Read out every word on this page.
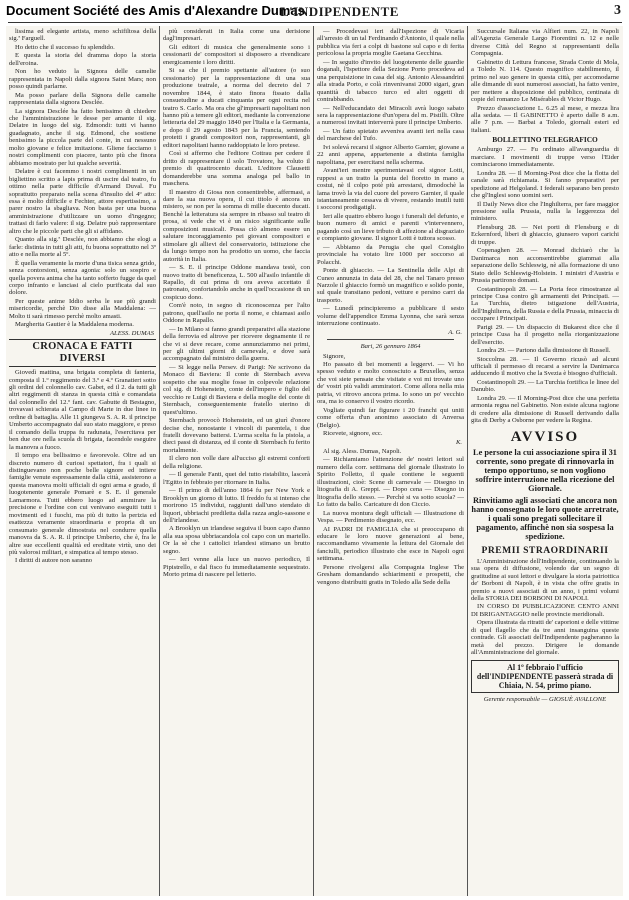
Document Société des Amis d'Alexandre Dumas
L'INDIPENDENTE	3

lissima ed elegante artista, meno schifiltosa della sig.ª Farguell.

Ho detto che il successo fu splendido.

E questa la storia del dramma dopo la storia dell'eroina.

Non ho veduto la Signora delle camelie rappresentata in Napoli dalla signora Saint Mars; non posso quindi parlarne.

Ma posso parlare della Signora delle camelie rappresentata dalla signora Desclée.

La signora Desclée ha fatto benissimo di chiedere che l'amministrazione le desse per amante il sig. Delatre in luogo del sig. Edmondi: tutti vi hanno guadagnato, anche il sig. Edmond, che sostiene benissimo la piccola parte del conte, in cui nessuno molto giovane e felice imitazione. Gliene facciamo i nostri complimenti con piacere, tanto più che finora abbiamo mostrato per lui qualche severità.

Delatre è cui facemmo i nostri complimenti in un bigliettino scritto a lapis prima di uscire dal teatro, fu ottimo nella parte difficile d'Armand Duval. Fu soprattutto preparato nella scena d'insulto del 4º atto: essa è molto difficile e Fechter, attore espertissimo, a parer nostro la sbagliava. Non basta per una buona amministrazione d'utilizzare un uomo d'ingegno; trattasi di farlo valere: il sig. Delatre può rappresentare altro che le piccole parti che gli si affidano.

Quanto alla sig.ª Desclée, non abbiamo che elogi a farle: distinta in tutti gli atti, fu buona soprattutto nel 3º atto e nella morte al 5º.

È quella veramente la morte d'una tisica senza grido, senza contorsioni, senza agonia: solo un sospiro e quella povera anima che ha tanto sofferto fugge da quel corpo infranto e lanciasi al cielo purificata dal suo dolore.

Per queste anime Iddio serba le sue più grandi misericordie, perchè Dio disse alla Maddalena: — Molto ti sarà rimesso perchè molto amasti.

Margherita Gautier è la Maddalena moderna.

ALESS. DUMAS
CRONACA E FATTI DIVERSI

Giovedì mattina, una brigata completa di fanteria, composta il 1.º reggimento del 3.º e 4.º Granatieri sotto gli ordini del colonnello cav. Gabet, ed il 2. da tutti gli altri reggimenti di stanza in questa città e comandata dal colonnello del 12.º fant. cav. Gabutte di Bestagno, trovavasi schierata al Campo di Marte in due linee in ordine di battaglia. Alle 11 giungeva S. A. R. il principe Umberto accompagnato dal suo stato maggiore, e preso il comando della truppa fu radunata, l'esercitava per ben due ore nella scuola di brigata, facendole eseguire la manovra a fuoco.

Il tempo era bellissimo e favorevole. Oltre ad un discreto numero di curiosi spettatori, fra i quali si distinguevano non poche belle signore ed intiere famiglie venute espressamente dalla città, assisterono a questa manovra molti ufficiali di ogni arma e grado, il luogotenente generale Pomarè e S. E. il generale Lamarmora. Tutti ebbero luogo ad ammirare la precisione e l'ordine con cui venivano eseguiti tutti i movimenti ed i fuochi, ma più di tutto la perizia ed esattezza veramente straordinaria e propria di un consumato generale dimostrata nel condurre quella manovra da S. A. R. il principe Umberto, che è, fra le altre sue eccellenti qualità ed ereditate virtù, uno dei più valorosi militari, e simpatica al tempo stesso.

I diritti di autore non saranno

più considerati in Italia come una derisione dagl'impresari.

Gli editori di musica che generalmente sono i cessionarii de' compositori si disposero a rivendicare energicamente i loro diritti.

Si sa che il premio spettante all'autore (o suo cessionario) per la rappresentazione di una sua produzione teatrale, a norma del decreto del 7 novembre 1844, è stato finora fissato dalla consuetudine a ducati cinquanta per ogni recita nel teatro S. Carlo. Ma ora che gl'impresarii napolitani non hanno più a temere gli editori, mediante la convenzione letteraria del 29 maggio 1840 per l'Italia e la Germania, e dopo il 29 agosto 1843 per la Francia, sentendo protetti i grandi compositori non, rappresentanti, gli editori napolitani hanno raddoppiato le loro pretese.

Così si affermo che l'editore Cottrau per cedere il dritto di rappresentare il solo Trovatore, ha voluto il premio di quattrocento ducati. L'editore Clausetti domanderebbe una somma analoga pel ballo in maschera.

Il maestro di Giosa non consentirebbe, affermasi, a dare la sua nuova opera, il cui titolo è ancora un mistero, se non per la somma di mille duecento ducati. Benchè la letteratura sia sempre in ribasso sul teatro di prosa, si vede che vi è un risico significante sulle composizioni musicali. Possa ciò almeno essere un salutare incoraggiamento pei giovani compositori e stimolare gli allievi del conservatorio, istituzione che da lungo tempo non ha prodotto un uomo, che faccia autorità in Italia.

— S. E. il principe Oddone mandava testè, con nuovo tratto di beneficenza, L. 500 all'asilo infantile di Rapallo, di cui prima di ora aveva accettato il patronato, confortandolo anche in quell'occasione di un cospicuo dono.

Com'è noto, in segno di riconoscenza per l'alto patrono, quell'asilo ne porta il nome, e chiamasi asilo Oddone in Rapallo.

— In Milano si fanno grandi preparativi alla stazione della ferrovia ed altrove per ricevere degnamente il re che vi si deve recare, come annunziammo nei primi, per gli ultimi giorni di carnevale, e dove sarà accompagnato dal ministro della guerra.

— Si legge nella Persev. di Parigi: Ne scrivono da Monaco di Baviera: Il conte di Sternbach aveva sospetto che sua moglie fosse in colpevole relazione col sig. di Hohenstein, conte dell'impero e figlio del vecchio re Luigi di Baviera e della moglie del conte di Sternbach, conseguentemente fratello uterino di quest'ultimo.

Sternbach provocò Hohenstein, ed un giurì d'onore decise che, nonostante i vincoli di parentela, i due fratelli dovevano battersi. L'arma scelta fu la pistola, a dieci passi di distanza, ed il conte di Sternbach fu ferito mortalmente.

Il clero non volle dare all'ucciso gli estremi conforti della religione.

— Il generale Fanti, quei del tutto ristabilito, lascerà l'Egitto in febbraio per ritornare in Italia.

— Il primo di dell'anno 1864 fu per New York e Brooklyn un giorno di lutto. Il freddo fu si intenso che morirono 15 individui, raggiunti dall'uno stendato di liquori, ubbriachi prediletta dalla razza anglo-sassone e dell'irlandese.

A Brooklyn un irlandese seguiva il buon capo d'anno alla sua sposa ubbriacandola col capo con un martello. Or la sè che i cattolici irlandesi stimano un brutto segno.

— Ieri venne alla luce un nuovo periodico, Il Pipistrello, e dal fisco fu immediatamente sequestrato. Morto prima di nascere pel letterio.

— Procedevasi ieri dall'Ispezione di Vicaria all'arresto di un tal Ferdinando d'Antonio, il quale nella pubblica via feri a colpi di bastone sul capo e di ferita pericolosa la propria moglie Gaetana Gecchina.

— In seguito d'invito del luogotenente delle guardie doganali, l'Ispettore della Sezione Porto procedeva ad una perquisizione in casa del sig. Antonio Alessandrini alla strada Porto, e colà rinvenivansi 2000 sigari, gran quantità di tabacco turco ed altri oggetti di contrabbando.

— Nell'educandato dei Miracoli avrà luogo sabato sera la rappresentazione d'un'opera del m. Pistilli. Oltre a numerosi invitati interverrà pure il principe Umberto.

— Un fatto spietato avveniva avanti ieri nella casa del marchese del Tufo.

Ivi solevá recarsi il signor Alberto Garnier, giovane a 22 anni appena, appartenente a distinta famiglia napolitana, per esercitarsi nella scherma.

Avant'ieri mentre sperimentavasi col signor Lotti, ruppesi a un tratto la punta del fioretto in mano a costui, nè il colpo potè più arrestarsi, dimodochè la lama trovò la via del cuore del povero Garnier, il quale istantaneamente cessava di vivere, restando inutili tutti i soccorsi prodigatigli.

Ieri alle quattro ebbero luogo i funerali del defunto, e buon numero di amici e parenti v'intervennero, pagando così un lieve tributo di affezione al disgraziato e compianto giovane. Il signor Lotti è tuttora scosso.

— Abbiamo da Perugia che quel Consiglio provinciale ha votato lire 1000 per soccorso ai Polacchi.

Ponte di ghiaccio. — La Sentinella delle Alpi di Cuneo annunzia in data del 28, che nel Tanaro presso Narzole il ghiaccio formò un magnifico e solido ponte, sul quale transitano pedoni, vetture e persino carri da trasporto.

— Lunedì principieremo a pubblicare il sesto volume dell'appendice Emma Lyonna, che sarà senza interruzione continuato.

A. G.
Bari, 26 gennaro 1864

Signore,

Ho passato di bei momenti a leggervi. — Vi ho spesso veduto e molto conosciuto a Bruxelles, senza che voi siete pensate che visitate e voi mi trovate uno de' vostri più validi ammiratori. Come allora nella mia patria, vi ritrovo ancora prima. Io sono un po' vecchio ora, ma io conservo il vostro ricordo.

Vogliate quindi far figurare i 20 franchi qui uniti come offerta d'un anonimo associato di Anversa (Belgio).

Ricevete, signore, ecc.

K.

Al sig. Aless. Dumas, Napoli.

— Richiamiamo l'attenzione de' nostri lettori sul numero della corr. settimana del giornale illustrato lo Spirito Folletto, il quale contiene le seguenti illustrazioni, cioè: Scene di carnevale — Disegno in litografia di A. Greppi. — Dopo cena — Disegno in litografia dello stesso. — Perchè si va sotto scuola? — Lo fatto da ballo. Caricature di don Ciccio.

La nuova montura degli ufficiali — Illustrazione di Vespa. — Perdimento disegnato, ecc.

AI PADRI DI FAMIGLIA che si preoccupano di educare le loro nuove generazioni al bene, raccomandiamo vivamente la lettura del Giornale dei fanciulli, periodico illustrato che esce in Napoli ogni settimana.

Persone rivolgersi alla Compagnia Inglese The Gresham domandando schiarimenti e prospetti, che vengono distribuiti gratis in Toledo alla Sede della

Succursale Italiana via Alfieri num. 22, in Napoli all'Agenzia Generale Largo Fiorentini n. 12 e nelle diverse Città del Regno si rappresentanti della Compagnia.

Gabinetto di Lettura francese, Strada Conte di Mola, a Toledo N. 114. Questo magnifico stabilimento, il primo nel suo genere in questa città, per accomodarne alle dimande di suoi numerosi associati, ha fatto venire, per mettere a disposizione del pubblico, centinaia di copie del romanzo Le Misérables di Victor Hugo.

Prezzo d'associazione L. 6.25 al mese, e mezza lira alla sedata. — Il GABINETTO è aperto dalle 8 a.m. alle 7 p.m. — Barbai a Toledo, giornali esteri ed italiani.

BOLLETTINO TELEGRAFICO

Amburgo 27. — Fu ordinato all'avanguardia di marciare. I movimenti di truppe verso l'Eider cominciarono immediatamente.

Londra 28. — Il Morning-Post dice che la flotta del canale sarà richiamata. Si fanno preparativi per spedizione ad Helgoland. I federali separano ben presto che gl'Inglesi sono uomini seri.

Il Daily News dice che l'Inghilterra, per fare maggior pressione sulla Prussia, nulla la leggerezza del ministero.

Flensburg 28. — Nei porti di Flensburg e di Eckernford, liberi di ghiaccio, giunsero vapori carichi di truppe.

Copenaghen 28. — Monrad dichiarò che la Danimarca non acconsentirebbe giammai alla separazione dello Schleswig, nè alla formazione di uno Stato dello Schleswig-Holstein. I ministri d'Austria e Prussia partirono domani.

Costantinopoli 28. — La Porta fece rimostranze al principe Cusa contro gli armamenti dei Principati. — La Turchia, dietro istigazione dell'Austria, dell'Inghilterra, della Russia e della Prussia, minaccia di occupare i Principati.

Parigi 29. — Un dispaccio di Bukarest dice che il principe Cusa ha il progetto nella riorganizzazione dell'esercito.

Londra 29. — Partono dalla dimissione di Russell.

Stoccolma 28. — Il Governo ricusò ad alcuni ufficiali il permesso di recarsi a servire la Danimarca adducendo il motivo che la Svezia è bisogno d'ufficiali.

Costantinopoli 29. — La Turchia fortifica le linee del Danubio.

Londra 29. — Il Morning-Post dice che una perfetta armonia regna nel Gabinetto. Non esiste alcuna ragione di credere alla dimissione di Russell derivando dalla gita di Derby a Osborne per vedere la Regina.

AVVISO
Le persone la cui associazione spira il 31 corrente, sono pregate di rinnovarla in tempo opportuno, se non vogliono soffrire interruzione nella ricezione del Giornale.
Rinvitiamo agli associati che ancora non hanno consegnato le loro quote arretrate, i quali sono pregati sollecitare il pagamento, affinchè non sia sospesa la spedizione.
PREMII STRAORDINARII

L'Amministrazione dell'Indipendente, continuando la sua opera di diffusione, volendo dar un segno di gratitudine ai suoi lettori e divulgare la storia patriottica de' Borboni di Napoli, è in vista che offre gratis in premio a nuovi associati di un anno, i primi volumi della STORIA DEI BORBONI DI NAPOLI.

IN CORSO DI PUBBLICAZIONE CENTO ANNI DI BRIGANTAGGIO nelle provincie meridionali.

Opera illustrata da ritratti de' caporioni e delle vittime di quel flagello che da tre anni insanguina queste contrade. Gli associati dell'Indipendente pagheranno la metà del prezzo. Dirigere le domande all'Amministrazione del giornale.

Al 1º febbraio l'ufficio dell'INDIPENDENTE passerà strada di Chiaia, N. 54, primo piano.
Gerente responsabile — GIOSUÈ AVALLONE
